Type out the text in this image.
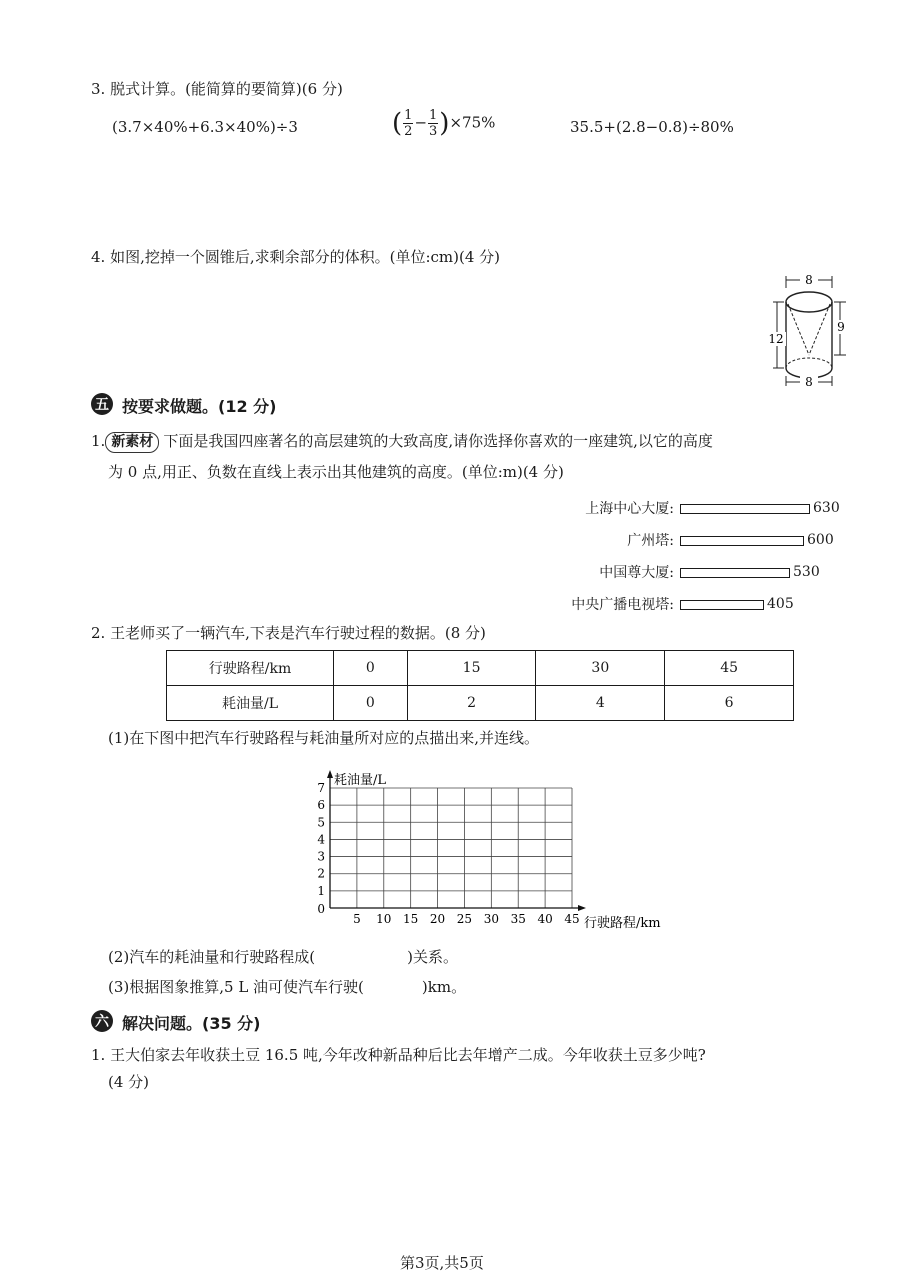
3. 脱式计算。(能简算的要简算)(6 分)
(3.7×40%+6.3×40%)÷3	( $\frac{1}{2} - \frac{1}{3} )\times 75\%$	35.5+(2.8−0.8)÷80%
4. 如图,挖掉一个圆锥后,求剩余部分的体积。(单位:cm)(4 分)
8
12
9
8
五 按要求做题。(12 分)
1. 新素材 下面是我国四座著名的高层建筑的大致高度,请你选择你喜欢的一座建筑,以它的高度
为 0 点,用正、负数在直线上表示出其他建筑的高度。(单位:m)(4 分)
上海中心大厦:	630
广州塔:	600
中国尊大厦:	530
中央广播电视塔:	405
2. 王老师买了一辆汽车,下表是汽车行驶过程的数据。(8 分)
行驶路程/km	0	15	30	45
耗油量/L	0	2	4	6
(1)在下图中把汽车行驶路程与耗油量所对应的点描出来,并连线。
5 10 15 20 25 30 35 40 45
1
2
3
4
5
6
7
0
行驶路程/km
耗油量/L
(2)汽车的耗油量和行驶路程成(	)关系。
(3)根据图象推算,5 L 油可使汽车行驶(	)km。
六 解决问题。(35 分)
1. 王大伯家去年收获土豆 16.5 吨,今年改种新品种后比去年增产二成。今年收获土豆多少吨?
(4 分)
第3页,共5页
